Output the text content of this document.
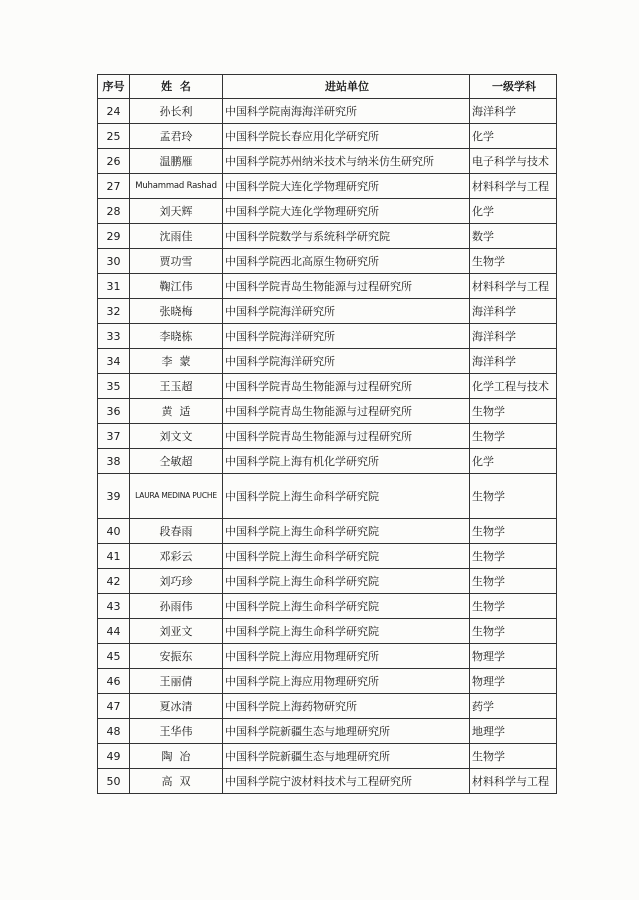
序号	姓  名	进站单位	一级学科
24	孙长利	中国科学院南海海洋研究所	海洋科学
25	孟君玲	中国科学院长春应用化学研究所	化学
26	温鹏雁	中国科学院苏州纳米技术与纳米仿生研究所	电子科学与技术
27	Muhammad Rashad	中国科学院大连化学物理研究所	材料科学与工程
28	刘天辉	中国科学院大连化学物理研究所	化学
29	沈雨佳	中国科学院数学与系统科学研究院	数学
30	贾功雪	中国科学院西北高原生物研究所	生物学
31	鞠江伟	中国科学院青岛生物能源与过程研究所	材料科学与工程
32	张晓梅	中国科学院海洋研究所	海洋科学
33	李晓栋	中国科学院海洋研究所	海洋科学
34	李  蒙	中国科学院海洋研究所	海洋科学
35	王玉超	中国科学院青岛生物能源与过程研究所	化学工程与技术
36	黄  适	中国科学院青岛生物能源与过程研究所	生物学
37	刘文文	中国科学院青岛生物能源与过程研究所	生物学
38	仝敏超	中国科学院上海有机化学研究所	化学
39	LAURA MEDINA PUCHE	中国科学院上海生命科学研究院	生物学
40	段春雨	中国科学院上海生命科学研究院	生物学
41	邓彩云	中国科学院上海生命科学研究院	生物学
42	刘巧珍	中国科学院上海生命科学研究院	生物学
43	孙雨伟	中国科学院上海生命科学研究院	生物学
44	刘亚文	中国科学院上海生命科学研究院	生物学
45	安振东	中国科学院上海应用物理研究所	物理学
46	王丽倩	中国科学院上海应用物理研究所	物理学
47	夏冰清	中国科学院上海药物研究所	药学
48	王华伟	中国科学院新疆生态与地理研究所	地理学
49	陶  冶	中国科学院新疆生态与地理研究所	生物学
50	高  双	中国科学院宁波材料技术与工程研究所	材料科学与工程
